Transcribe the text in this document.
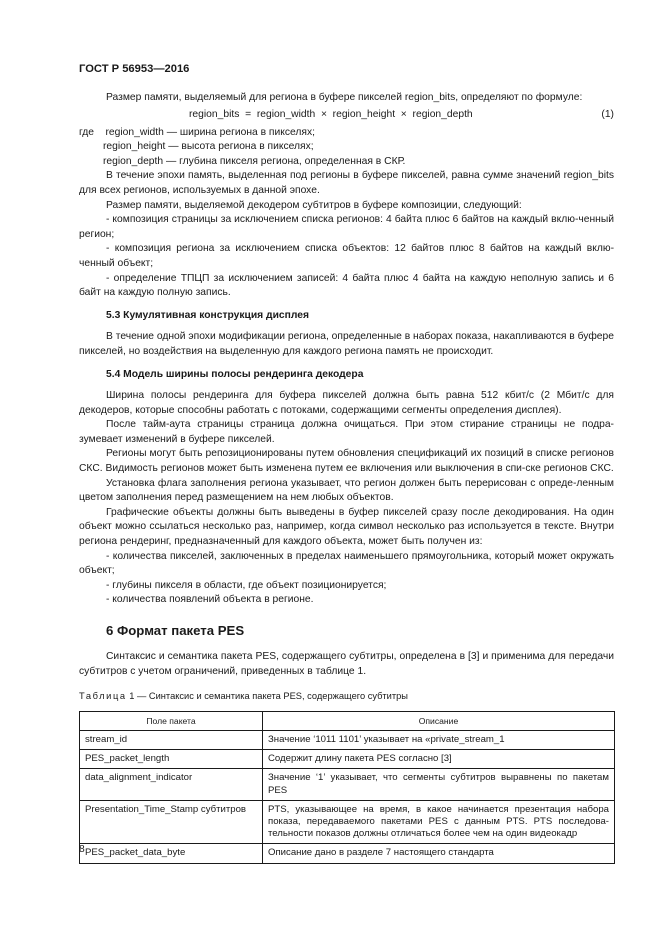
ГОСТ Р 56953—2016

Размер памяти, выделяемый для региона в буфере пикселей region_bits, определяют по формуле:

region_bits  =  region_width  ×  region_height  ×  region_depth	(1)
где    region_width — ширина региона в пикселях;
region_height — высота региона в пикселях;
region_depth — глубина пикселя региона, определенная в СКР.

В течение эпохи память, выделенная под регионы в буфере пикселей, равна сумме значений region_bits для всех регионов, используемых в данной эпохе.

Размер памяти, выделяемой декодером субтитров в буфере композиции, следующий:

- композиция страницы за исключением списка регионов: 4 байта плюс 6 байтов на каждый вклю-ченный регион;

- композиция региона за исключением списка объектов: 12 байтов плюс 8 байтов на каждый вклю-ченный объект;

- определение ТПЦП за исключением записей: 4 байта плюс 4 байта на каждую неполную запись и 6 байт на каждую полную запись.

5.3 Кумулятивная конструкция дисплея

В течение одной эпохи модификации региона, определенные в наборах показа, накапливаются в буфере пикселей, но воздействия на выделенную для каждого региона память не происходит.

5.4 Модель ширины полосы рендеринга декодера

Ширина полосы рендеринга для буфера пикселей должна быть равна 512 кбит/с (2 Мбит/с для декодеров, которые способны работать с потоками, содержащими сегменты определения дисплея).

После тайм-аута страницы страница должна очищаться. При этом стирание страницы не подра-зумевает изменений в буфере пикселей.

Регионы могут быть репозиционированы путем обновления спецификаций их позиций в списке регионов СКС. Видимость регионов может быть изменена путем ее включения или выключения в спи-ске регионов СКС.

Установка флага заполнения региона указывает, что регион должен быть перерисован с опреде-ленным цветом заполнения перед размещением на нем любых объектов.

Графические объекты должны быть выведены в буфер пикселей сразу после декодирования. На один объект можно ссылаться несколько раз, например, когда символ несколько раз используется в тексте. Внутри региона рендеринг, предназначенный для каждого объекта, может быть получен из:

- количества пикселей, заключенных в пределах наименьшего прямоугольника, который может окружать объект;

- глубины пикселя в области, где объект позиционируется;

- количества появлений объекта в регионе.

6 Формат пакета PES

Синтаксис и семантика пакета PES, содержащего субтитры, определена в [3] и применима для передачи субтитров с учетом ограничений, приведенных в таблице 1.

Таблица 1 — Синтаксис и семантика пакета PES, содержащего субтитры

Поле пакета	Описание
stream_id	Значение ‘1011 1101’ указывает на «private_stream_1
PES_packet_length	Содержит длину пакета PES согласно [3]
data_alignment_indicator	Значение ‘1’ указывает, что сегменты субтитров выравнены по пакетам PES
Presentation_Time_Stamp субтитров	PTS, указывающее на время, в какое начинается презентация набора показа, передаваемого пакетами PES с данным PTS. PTS последова-тельности показов должны отличаться более чем на один видеокадр
PES_packet_data_byte	Описание дано в разделе 7 настоящего стандарта
8
